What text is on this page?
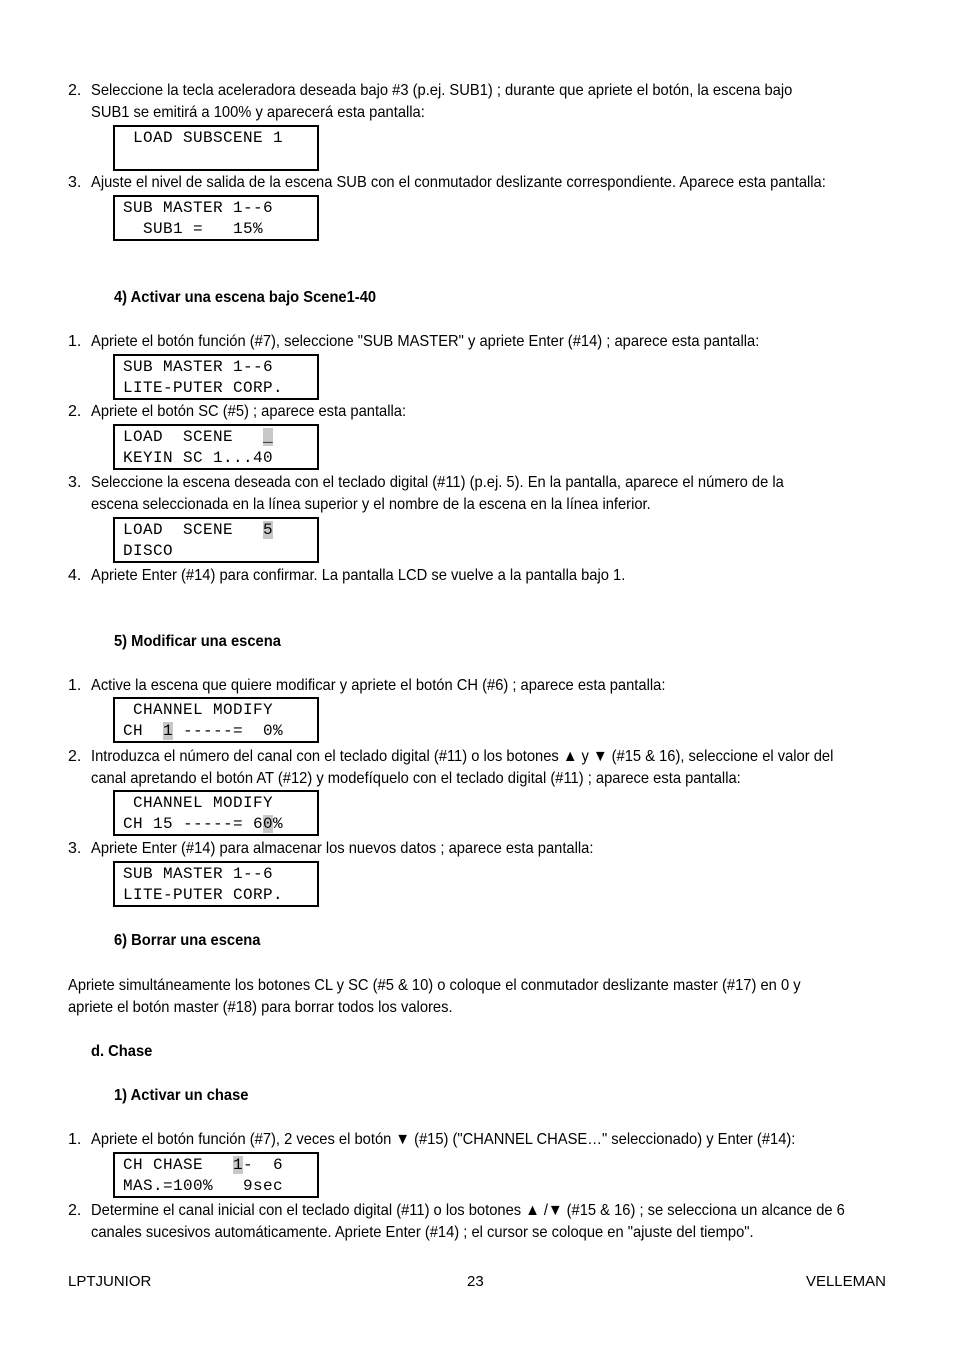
2. Seleccione la tecla aceleradora deseada bajo #3 (p.ej. SUB1) ; durante que apriete el botón, la escena bajo
SUB1 se emitirá a 100% y aparecerá esta pantalla:
LOAD SUBSCENE 1
3. Ajuste el nivel de salida de la escena SUB con el conmutador deslizante correspondiente. Aparece esta pantalla:
SUB MASTER 1--6
SUB1 =   15%
4) Activar una escena bajo Scene1-40
1. Apriete el botón función (#7), seleccione "SUB MASTER" y apriete Enter (#14) ; aparece esta pantalla:
SUB MASTER 1--6
LITE-PUTER CORP.
2. Apriete el botón SC (#5) ; aparece esta pantalla:
LOAD  SCENE   _
KEYIN SC 1...40
3. Seleccione la escena deseada con el teclado digital (#11) (p.ej. 5). En la pantalla, aparece el número de la
escena seleccionada en la línea superior y el nombre de la escena en la línea inferior.
LOAD  SCENE   5
DISCO
4. Apriete Enter (#14) para confirmar. La pantalla LCD se vuelve a la pantalla bajo 1.
5) Modificar una escena
1. Active la escena que quiere modificar y apriete el botón CH (#6) ; aparece esta pantalla:
CHANNEL MODIFY
CH  1 -----=  0%
2. Introduzca el número del canal con el teclado digital (#11) o los botones ▲ y ▼ (#15 & 16), seleccione el valor del
canal apretando el botón AT (#12) y modefíquelo con el teclado digital (#11) ; aparece esta pantalla:
CHANNEL MODIFY
CH 15 -----= 60%
3. Apriete Enter (#14) para almacenar los nuevos datos ; aparece esta pantalla:
SUB MASTER 1--6
LITE-PUTER CORP.
6) Borrar una escena
Apriete simultáneamente los botones CL y SC (#5 & 10) o coloque el conmutador deslizante master (#17) en 0 y
apriete el botón master (#18) para borrar todos los valores.
d. Chase
1) Activar un chase
1. Apriete el botón función (#7), 2 veces el botón ▼ (#15) ("CHANNEL CHASE…" seleccionado) y Enter (#14):
CH CHASE   1-  6
MAS.=100%   9sec
2. Determine el canal inicial con el teclado digital (#11) o los botones ▲ /▼ (#15 & 16) ; se selecciona un alcance de 6
canales sucesivos automáticamente. Apriete Enter (#14) ; el cursor se coloque en "ajuste del tiempo".
LPTJUNIOR	23	VELLEMAN
